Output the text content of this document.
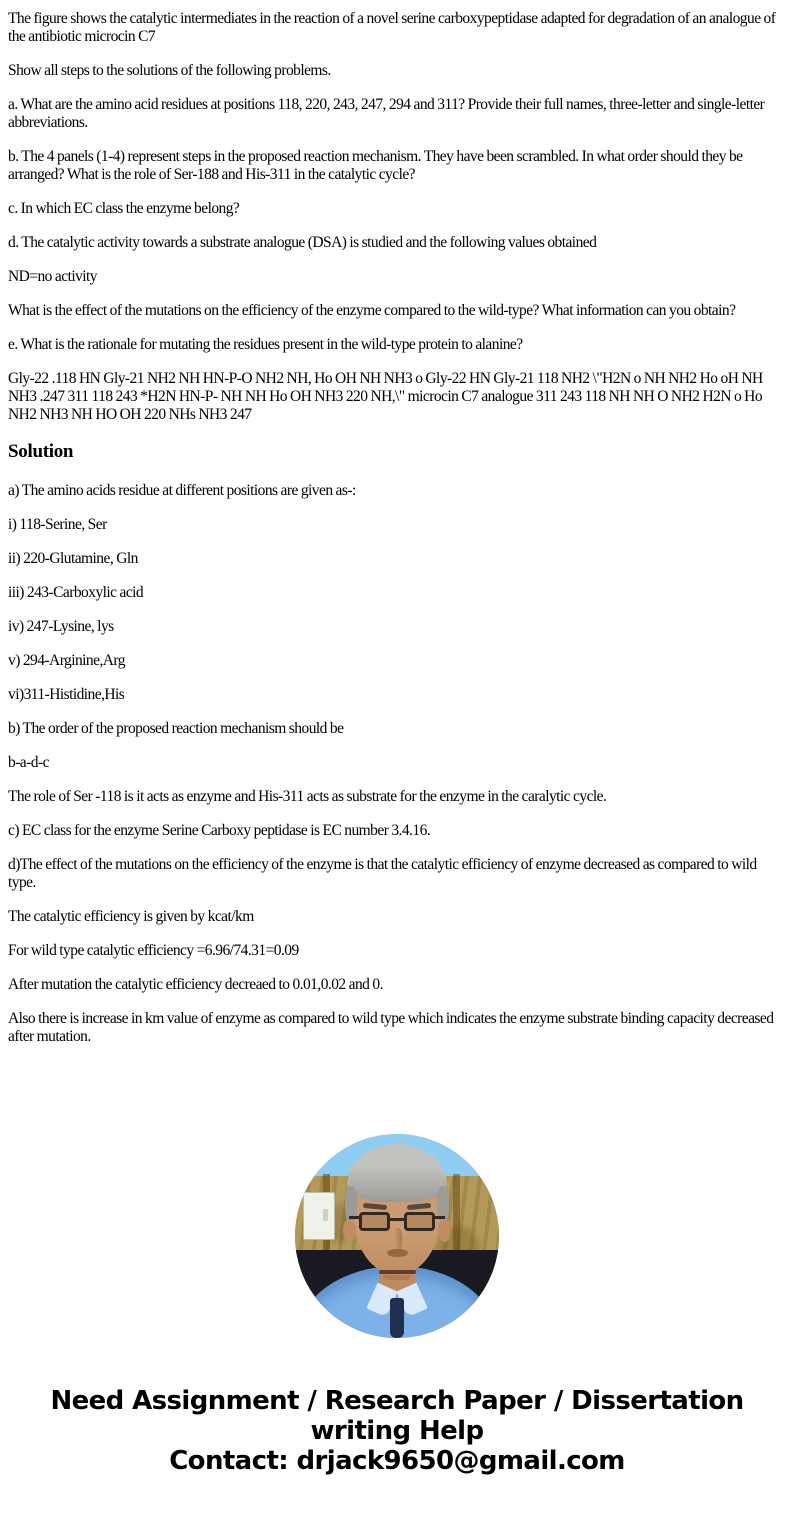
The figure shows the catalytic intermediates in the reaction of a novel serine carboxypeptidase adapted for degradation of an analogue of the antibiotic microcin C7

Show all steps to the solutions of the following problems.

a. What are the amino acid residues at positions 118, 220, 243, 247, 294 and 311? Provide their full names, three-letter and single-letter abbreviations.

b. The 4 panels (1-4) represent steps in the proposed reaction mechanism. They have been scrambled. In what order should they be arranged? What is the role of Ser-188 and His-311 in the catalytic cycle?

c. In which EC class the enzyme belong?

d. The catalytic activity towards a substrate analogue (DSA) is studied and the following values obtained

ND=no activity

What is the effect of the mutations on the efficiency of the enzyme compared to the wild-type? What information can you obtain?

e. What is the rationale for mutating the residues present in the wild-type protein to alanine?

Gly-22 .118 HN Gly-21 NH2 NH HN-P-O NH2 NH, Ho OH NH NH3 o Gly-22 HN Gly-21 118 NH2 \"H2N o NH NH2 Ho oH NH NH3 .247 311 118 243 *H2N HN-P- NH NH Ho OH NH3 220 NH,\" microcin C7 analogue 311 243 118 NH NH O NH2 H2N o Ho NH2 NH3 NH HO OH 220 NHs NH3 247

Solution

a) The amino acids residue at different positions are given as-:

i) 118-Serine, Ser

ii) 220-Glutamine, Gln

iii) 243-Carboxylic acid

iv) 247-Lysine, lys

v) 294-Arginine,Arg

vi)311-Histidine,His

b) The order of the proposed reaction mechanism should be

b-a-d-c

The role of Ser -118 is it acts as enzyme and His-311 acts as substrate for the enzyme in the caralytic cycle.

c) EC class for the enzyme Serine Carboxy peptidase is EC number 3.4.16.

d)The effect of the mutations on the efficiency of the enzyme is that the catalytic efficiency of enzyme decreased as compared to wild type.

The catalytic efficiency is given by kcat/km

For wild type catalytic efficiency =6.96/74.31=0.09

After mutation the catalytic efficiency decreaed to 0.01,0.02 and 0.

Also there is increase in km value of enzyme as compared to wild type which indicates the enzyme substrate binding capacity decreased after mutation.

Need Assignment / Research Paper / Dissertation writing Help
Contact: drjack9650@gmail.com
